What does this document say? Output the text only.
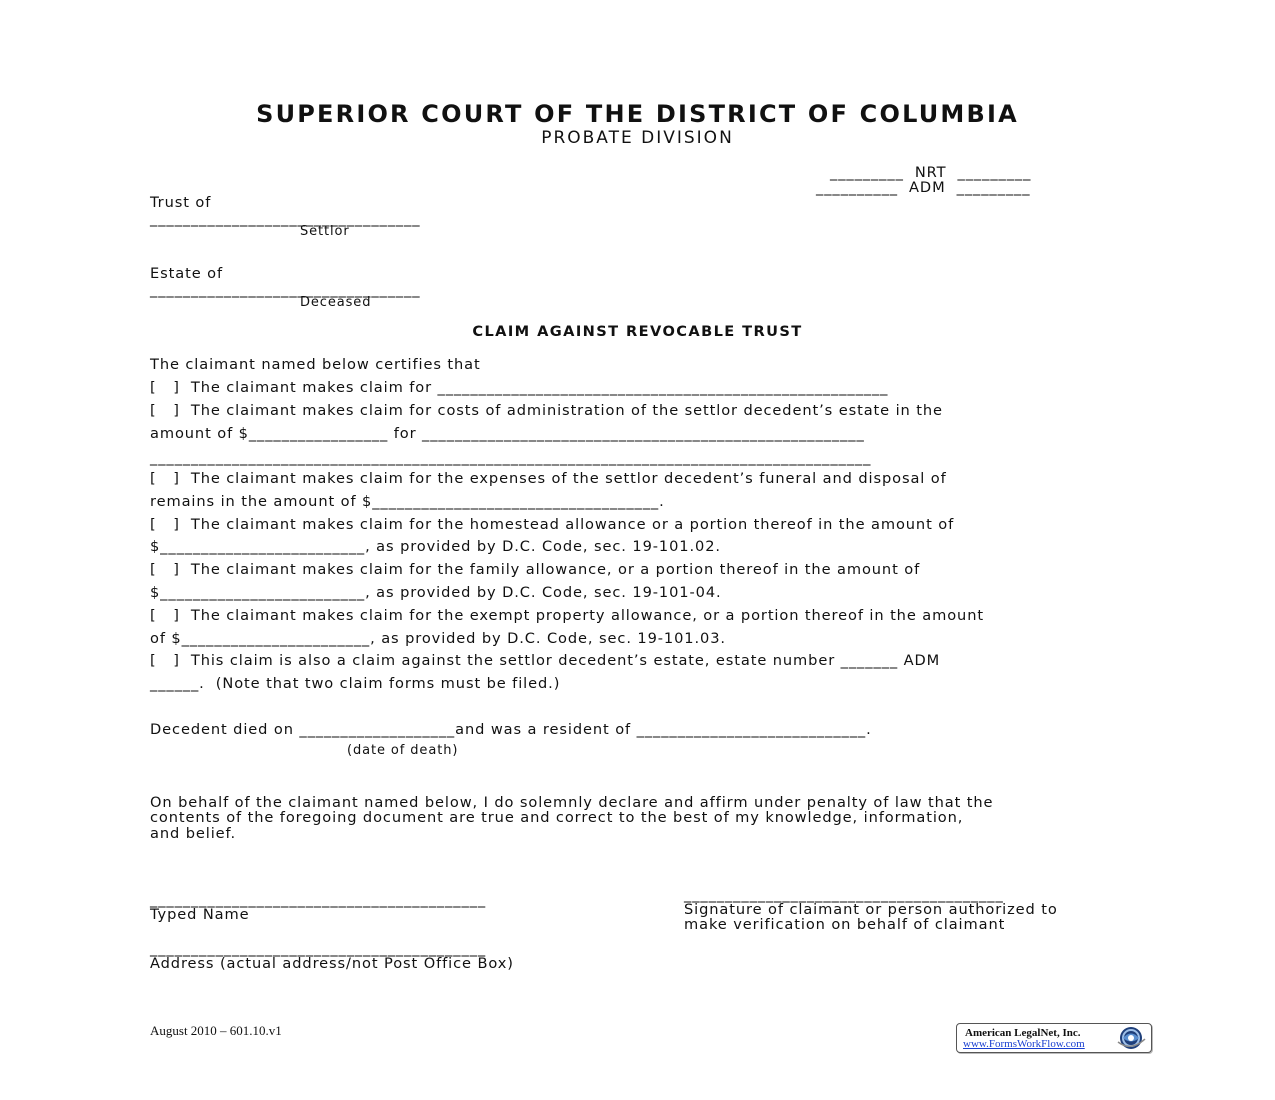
SUPERIOR COURT OF THE DISTRICT OF COLUMBIA
PROBATE DIVISION
_________  NRT  _________
__________  ADM  _________
Trust of
_________________________________
Settlor
Estate of
_________________________________
Deceased
CLAIM AGAINST REVOCABLE TRUST
The claimant named below certifies that
[   ]  The claimant makes claim for _______________________________________________________
[   ]  The claimant makes claim for costs of administration of the settlor decedent’s estate in the
amount of $_________________ for ______________________________________________________
________________________________________________________________________________________
[   ]  The claimant makes claim for the expenses of the settlor decedent’s funeral and disposal of
remains in the amount of $___________________________________.
[   ]  The claimant makes claim for the homestead allowance or a portion thereof in the amount of
$_________________________, as provided by D.C. Code, sec. 19-101.02.
[   ]  The claimant makes claim for the family allowance, or a portion thereof in the amount of
$_________________________, as provided by D.C. Code, sec. 19-101-04.
[   ]  The claimant makes claim for the exempt property allowance, or a portion thereof in the amount
of $_______________________, as provided by D.C. Code, sec. 19-101.03.
[   ]  This claim is also a claim against the settlor decedent’s estate, estate number _______ ADM
______.  (Note that two claim forms must be filed.)
Decedent died on ___________________and was a resident of ____________________________.
(date of death)
On behalf of the claimant named below, I do solemnly declare and affirm under penalty of law that the
contents of the foregoing document are true and correct to the best of my knowledge, information,
and belief.
_________________________________________
Typed Name
_________________________________________
Address (actual address/not Post Office Box)
_______________________________________
Signature of claimant or person authorized to
make verification on behalf of claimant
August 2010 – 601.10.v1	American LegalNet, Inc.
www.FormsWorkFlow.com
